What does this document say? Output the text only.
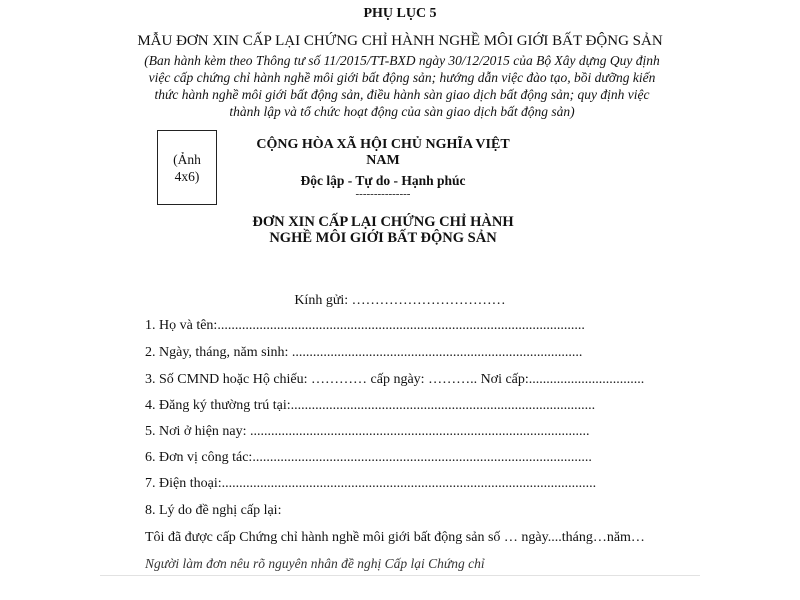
PHỤ LỤC 5
MẪU ĐƠN XIN CẤP LẠI CHỨNG CHỈ HÀNH NGHỀ MÔI GIỚI BẤT ĐỘNG SẢN
(Ban hành kèm theo Thông tư số 11/2015/TT-BXD ngày 30/12/2015 của Bộ Xây dựng Quy định việc cấp chứng chỉ hành nghề môi giới bất động sản; hướng dẫn việc đào tạo, bồi dưỡng kiến thức hành nghề môi giới bất động sản, điều hành sàn giao dịch bất động sản; quy định việc thành lập và tổ chức hoạt động của sàn giao dịch bất động sản)
(Ảnh 4x6)
CỘNG HÒA XÃ HỘI CHỦ NGHĨA VIỆT NAM
Độc lập - Tự do - Hạnh phúc
---------------
ĐƠN XIN CẤP LẠI CHỨNG CHỈ HÀNH NGHỀ MÔI GIỚI BẤT ĐỘNG SẢN
Kính gửi: ……………………………
1. Họ và tên:.........................................................................................................
2. Ngày, tháng, năm sinh: ...................................................................................
3. Số CMND hoặc Hộ chiếu: ………… cấp ngày: ……….. Nơi cấp:.................................
4. Đăng ký thường trú tại:.......................................................................................
5. Nơi ở hiện nay: .................................................................................................
6. Đơn vị công tác:.................................................................................................
7. Điện thoại:...........................................................................................................
8. Lý do đề nghị cấp lại:
Tôi đã được cấp Chứng chỉ hành nghề môi giới bất động sản số … ngày....tháng…năm…
Người làm đơn nêu rõ nguyên nhân đề nghị Cấp lại Chứng chỉ
